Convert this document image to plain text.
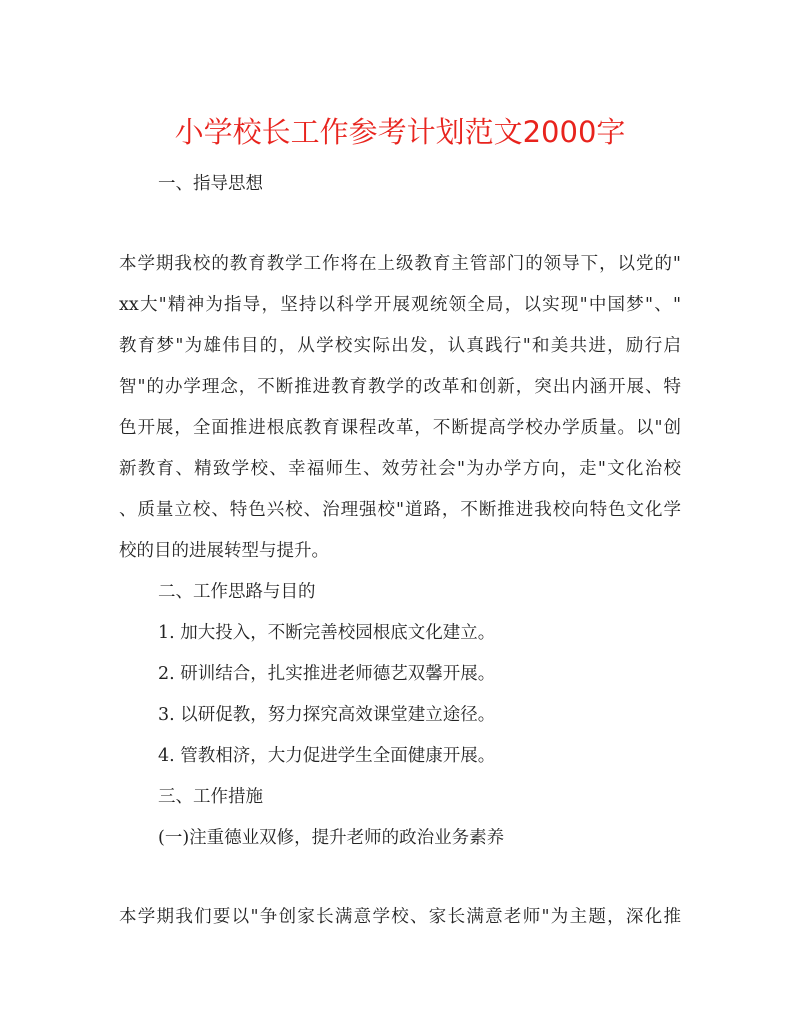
小学校长工作参考计划范文2000字
一、指导思想
本学期我校的教育教学工作将在上级教育主管部门的领导下，以党的"
xx大"精神为指导，坚持以科学开展观统领全局，以实现"中国梦"、"
教育梦"为雄伟目的，从学校实际出发，认真践行"和美共进，励行启
智"的办学理念，不断推进教育教学的改革和创新，突出内涵开展、特
色开展，全面推进根底教育课程改革，不断提高学校办学质量。以"创
新教育、精致学校、幸福师生、效劳社会"为办学方向，走"文化治校
、质量立校、特色兴校、治理强校"道路，不断推进我校向特色文化学
校的目的进展转型与提升。
二、工作思路与目的
1. 加大投入，不断完善校园根底文化建立。
2. 研训结合，扎实推进老师德艺双馨开展。
3. 以研促教，努力探究高效课堂建立途径。
4. 管教相济，大力促进学生全面健康开展。
三、工作措施
(一)注重德业双修，提升老师的政治业务素养
本学期我们要以"争创家长满意学校、家长满意老师"为主题，深化推
